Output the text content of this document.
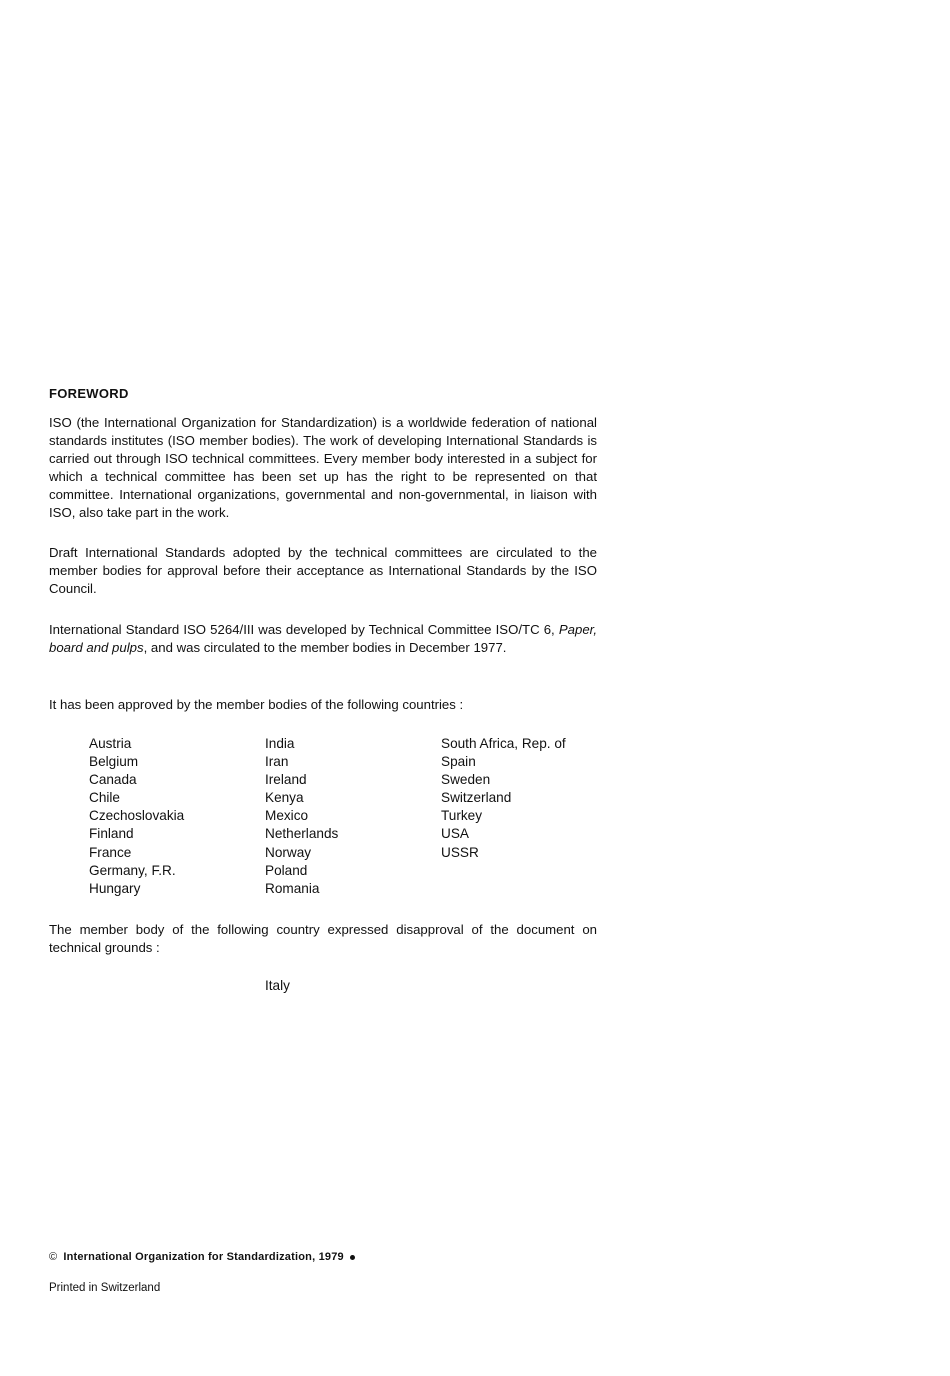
FOREWORD
ISO (the International Organization for Standardization) is a worldwide federation of national standards institutes (ISO member bodies). The work of developing International Standards is carried out through ISO technical committees. Every member body interested in a subject for which a technical committee has been set up has the right to be represented on that committee. International organizations, governmental and non-governmental, in liaison with ISO, also take part in the work.
Draft International Standards adopted by the technical committees are circulated to the member bodies for approval before their acceptance as International Standards by the ISO Council.
International Standard ISO 5264/III was developed by Technical Committee ISO/TC 6, Paper, board and pulps, and was circulated to the member bodies in December 1977.
It has been approved by the member bodies of the following countries :
Austria
Belgium
Canada
Chile
Czechoslovakia
Finland
France
Germany, F.R.
Hungary
India
Iran
Ireland
Kenya
Mexico
Netherlands
Norway
Poland
Romania
South Africa, Rep. of
Spain
Sweden
Switzerland
Turkey
USA
USSR
The member body of the following country expressed disapproval of the document on technical grounds :
Italy
© International Organization for Standardization, 1979
Printed in Switzerland
